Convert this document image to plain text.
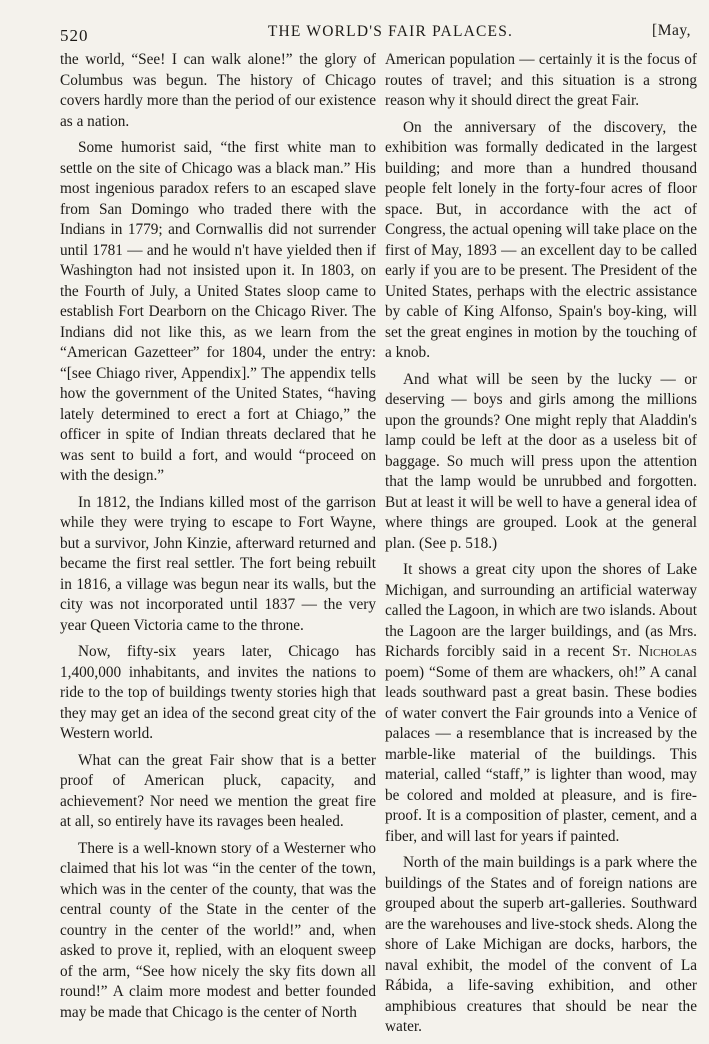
520	THE WORLD'S FAIR PALACES.	[May,

the world, “See! I can walk alone!” the glory of Columbus was begun. The history of Chicago covers hardly more than the period of our existence as a nation.

Some humorist said, “the first white man to settle on the site of Chicago was a black man.” His most ingenious paradox refers to an escaped slave from San Domingo who traded there with the Indians in 1779; and Cornwallis did not surrender until 1781 — and he would n't have yielded then if Washington had not insisted upon it. In 1803, on the Fourth of July, a United States sloop came to establish Fort Dearborn on the Chicago River. The Indians did not like this, as we learn from the “American Gazetteer” for 1804, under the entry: “[see Chiago river, Appendix].” The appendix tells how the government of the United States, “having lately determined to erect a fort at Chiago,” the officer in spite of Indian threats declared that he was sent to build a fort, and would “proceed on with the design.”

In 1812, the Indians killed most of the garrison while they were trying to escape to Fort Wayne, but a survivor, John Kinzie, afterward returned and became the first real settler. The fort being rebuilt in 1816, a village was begun near its walls, but the city was not incorporated until 1837 — the very year Queen Victoria came to the throne.

Now, fifty-six years later, Chicago has 1,400,000 inhabitants, and invites the nations to ride to the top of buildings twenty stories high that they may get an idea of the second great city of the Western world.

What can the great Fair show that is a better proof of American pluck, capacity, and achievement? Nor need we mention the great fire at all, so entirely have its ravages been healed.

There is a well-known story of a Westerner who claimed that his lot was “in the center of the town, which was in the center of the county, that was the central county of the State in the center of the country in the center of the world!” and, when asked to prove it, replied, with an eloquent sweep of the arm, “See how nicely the sky fits down all round!” A claim more modest and better founded may be made that Chicago is the center of North

American population — certainly it is the focus of routes of travel; and this situation is a strong reason why it should direct the great Fair.

On the anniversary of the discovery, the exhibition was formally dedicated in the largest building; and more than a hundred thousand people felt lonely in the forty-four acres of floor space. But, in accordance with the act of Congress, the actual opening will take place on the first of May, 1893 — an excellent day to be called early if you are to be present. The President of the United States, perhaps with the electric assistance by cable of King Alfonso, Spain's boy-king, will set the great engines in motion by the touching of a knob.

And what will be seen by the lucky — or deserving — boys and girls among the millions upon the grounds? One might reply that Aladdin's lamp could be left at the door as a useless bit of baggage. So much will press upon the attention that the lamp would be unrubbed and forgotten. But at least it will be well to have a general idea of where things are grouped. Look at the general plan. (See p. 518.)

It shows a great city upon the shores of Lake Michigan, and surrounding an artificial waterway called the Lagoon, in which are two islands. About the Lagoon are the larger buildings, and (as Mrs. Richards forcibly said in a recent St. Nicholas poem) “Some of them are whackers, oh!” A canal leads southward past a great basin. These bodies of water convert the Fair grounds into a Venice of palaces — a resemblance that is increased by the marble-like material of the buildings. This material, called “staff,” is lighter than wood, may be colored and molded at pleasure, and is fire-proof. It is a composition of plaster, cement, and a fiber, and will last for years if painted.

North of the main buildings is a park where the buildings of the States and of foreign nations are grouped about the superb art-galleries. Southward are the warehouses and live-stock sheds. Along the shore of Lake Michigan are docks, harbors, the naval exhibit, the model of the convent of La Rábida, a life-saving exhibition, and other amphibious creatures that should be near the water.
